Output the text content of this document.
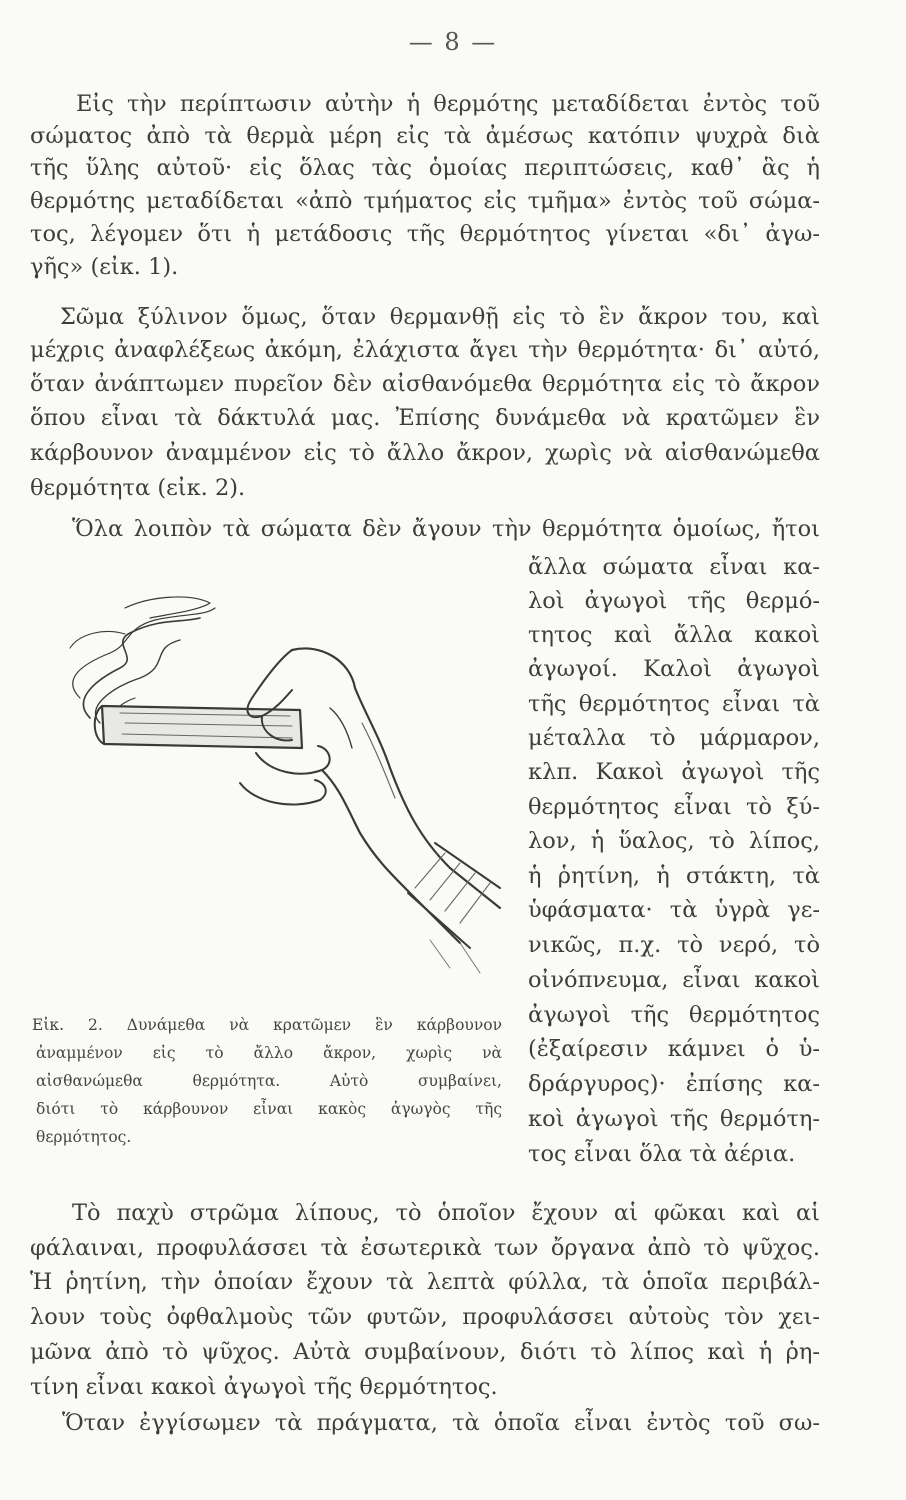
— 8 —
Εἰς τὴν περίπτωσιν αὐτὴν ἡ θερμότης μεταδίδεται ἐντὸς τοῦ
σώματος ἀπὸ τὰ θερμὰ μέρη εἰς τὰ ἀμέσως κατόπιν ψυχρὰ διὰ
τῆς ὕλης αὐτοῦ· εἰς ὅλας τὰς ὁμοίας περιπτώσεις, καθ᾽ ἃς ἡ
θερμότης μεταδίδεται «ἀπὸ τμήματος εἰς τμῆμα» ἐντὸς τοῦ σώμα-
τος, λέγομεν ὅτι ἡ μετάδοσις τῆς θερμότητος γίνεται «δι᾽ ἀγω-
γῆς» (εἰκ. 1).
Σῶμα ξύλινον ὅμως, ὅταν θερμανθῇ εἰς τὸ ἓν ἄκρον του, καὶ
μέχρις ἀναφλέξεως ἀκόμη, ἐλάχιστα ἄγει τὴν θερμότητα· δι᾽ αὐτό,
ὅταν ἀνάπτωμεν πυρεῖον δὲν αἰσθανόμεθα θερμότητα εἰς τὸ ἄκρον
ὅπου εἶναι τὰ δάκτυλά μας. Ἐπίσης δυνάμεθα νὰ κρατῶμεν ἓν
κάρβουνον ἀναμμένον εἰς τὸ ἄλλο ἄκρον, χωρὶς νὰ αἰσθανώμεθα
θερμότητα (εἰκ. 2).
Ὅλα λοιπὸν τὰ σώματα δὲν ἄγουν τὴν θερμότητα ὁμοίως, ἤτοι
ἄλλα σώματα εἶναι κα-
λοὶ ἀγωγοὶ τῆς θερμό-
τητος καὶ ἄλλα κακοὶ
ἀγωγοί. Καλοὶ ἀγωγοὶ
τῆς θερμότητος εἶναι τὰ
μέταλλα τὸ μάρμαρον,
κλπ. Κακοὶ ἀγωγοὶ τῆς
θερμότητος εἶναι τὸ ξύ-
λον, ἡ ὕαλος, τὸ λίπος,
ἡ ῥητίνη, ἡ στάκτη, τὰ
ὑφάσματα· τὰ ὑγρὰ γε-
νικῶς, π.χ. τὸ νερό, τὸ
οἰνόπνευμα, εἶναι κακοὶ
ἀγωγοὶ τῆς θερμότητος
(ἐξαίρεσιν κάμνει ὁ ὑ-
δράργυρος)· ἐπίσης κα-
κοὶ ἀγωγοὶ τῆς θερμότη-
τος εἶναι ὅλα τὰ ἀέρια.
Εἰκ. 2. Δυνάμεθα νὰ κρατῶμεν ἓν κάρβουνον
ἀναμμένον εἰς τὸ ἄλλο ἄκρον, χωρὶς νὰ
αἰσθανώμεθα θερμότητα. Αὐτὸ συμβαίνει,
διότι τὸ κάρβουνον εἶναι κακὸς ἀγωγὸς τῆς
θερμότητος.
Τὸ παχὺ στρῶμα λίπους, τὸ ὁποῖον ἔχουν αἱ φῶκαι καὶ αἱ
φάλαιναι, προφυλάσσει τὰ ἐσωτερικὰ των ὄργανα ἀπὸ τὸ ψῦχος.
Ἡ ῥητίνη, τὴν ὁποίαν ἔχουν τὰ λεπτὰ φύλλα, τὰ ὁποῖα περιβάλ-
λουν τοὺς ὀφθαλμοὺς τῶν φυτῶν, προφυλάσσει αὐτοὺς τὸν χει-
μῶνα ἀπὸ τὸ ψῦχος. Αὐτὰ συμβαίνουν, διότι τὸ λίπος καὶ ἡ ῥη-
τίνη εἶναι κακοὶ ἀγωγοὶ τῆς θερμότητος.
Ὅταν ἐγγίσωμεν τὰ πράγματα, τὰ ὁποῖα εἶναι ἐντὸς τοῦ σω-
